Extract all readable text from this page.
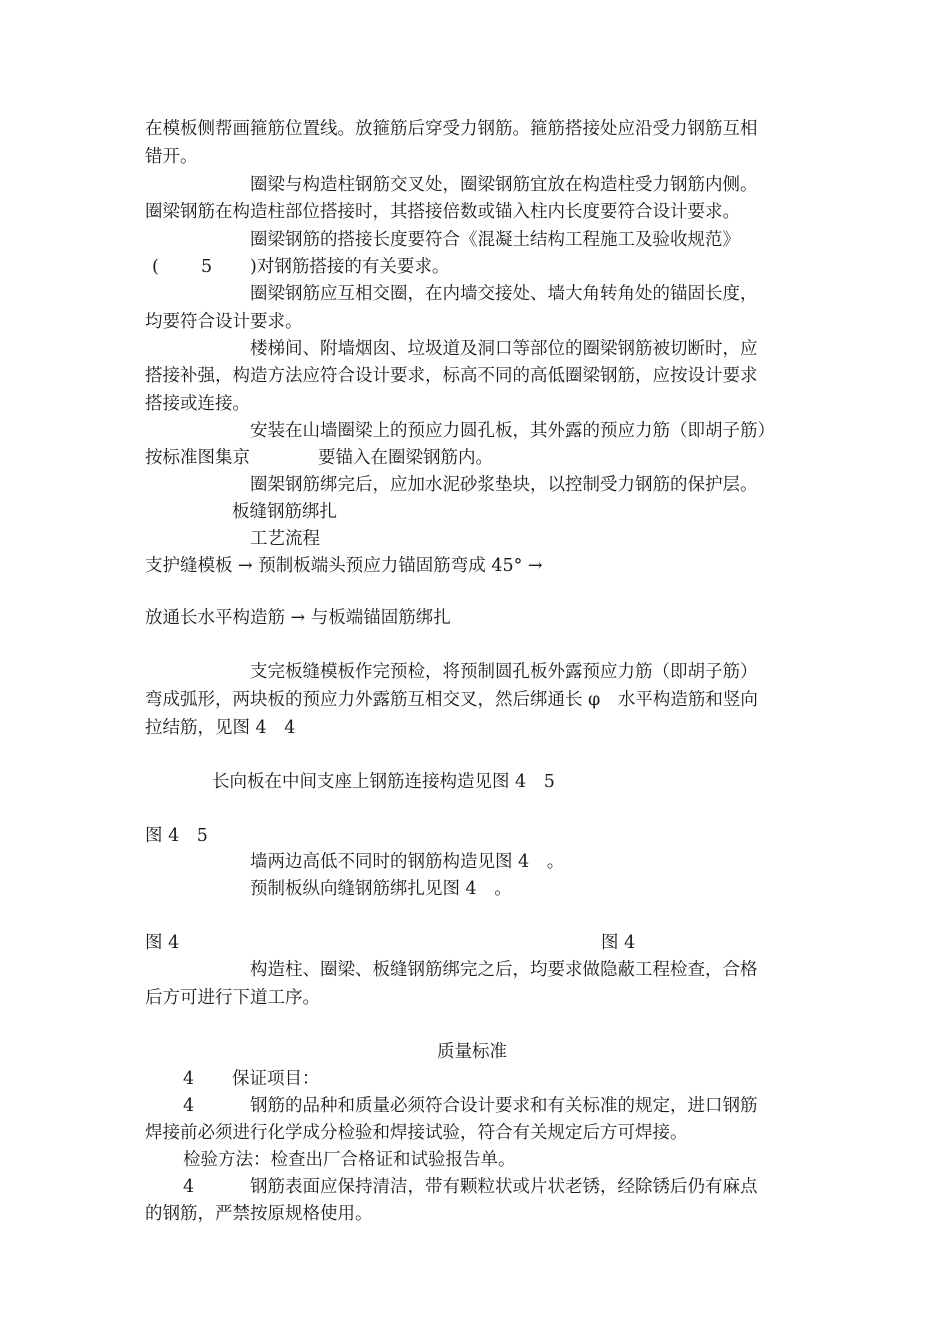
在模板侧帮画箍筋位置线。放箍筋后穿受力钢筋。箍筋搭接处应沿受力钢筋互相
错开。
圈梁与构造柱钢筋交叉处，圈梁钢筋宜放在构造柱受力钢筋内侧。
圈梁钢筋在构造柱部位搭接时，其搭接倍数或锚入柱内长度要符合设计要求。
圈梁钢筋的搭接长度要符合《混凝土结构工程施工及验收规范》
( 5 )对钢筋搭接的有关要求。
圈梁钢筋应互相交圈，在内墙交接处、墙大角转角处的锚固长度，
均要符合设计要求。
楼梯间、附墙烟囱、垃圾道及洞口等部位的圈梁钢筋被切断时，应
搭接补强，构造方法应符合设计要求，标高不同的高低圈梁钢筋，应按设计要求
搭接或连接。
安装在山墙圈梁上的预应力圆孔板，其外露的预应力筋（即胡子筋）
按标准图集京	要锚入在圈梁钢筋内。
圈架钢筋绑完后，应加水泥砂浆垫块，以控制受力钢筋的保护层。
板缝钢筋绑扎
工艺流程
支护缝模板 → 预制板端头预应力锚固筋弯成 45° →
放通长水平构造筋 → 与板端锚固筋绑扎
支完板缝模板作完预检，将预制圆孔板外露预应力筋（即胡子筋）
弯成弧形，两块板的预应力外露筋互相交叉，然后绑通长 φ　水平构造筋和竖向
拉结筋，见图 4　4
长向板在中间支座上钢筋连接构造见图 4　5
图 4　5
墙两边高低不同时的钢筋构造见图 4　。
预制板纵向缝钢筋绑扎见图 4　。
图 4	图 4
构造柱、圈梁、板缝钢筋绑完之后，均要求做隐蔽工程检查，合格
后方可进行下道工序。
质量标准
4 保证项目：
4	钢筋的品种和质量必须符合设计要求和有关标准的规定，进口钢筋
焊接前必须进行化学成分检验和焊接试验，符合有关规定后方可焊接。
检验方法：检查出厂合格证和试验报告单。
4	钢筋表面应保持清洁，带有颗粒状或片状老锈，经除锈后仍有麻点
的钢筋，严禁按原规格使用。
